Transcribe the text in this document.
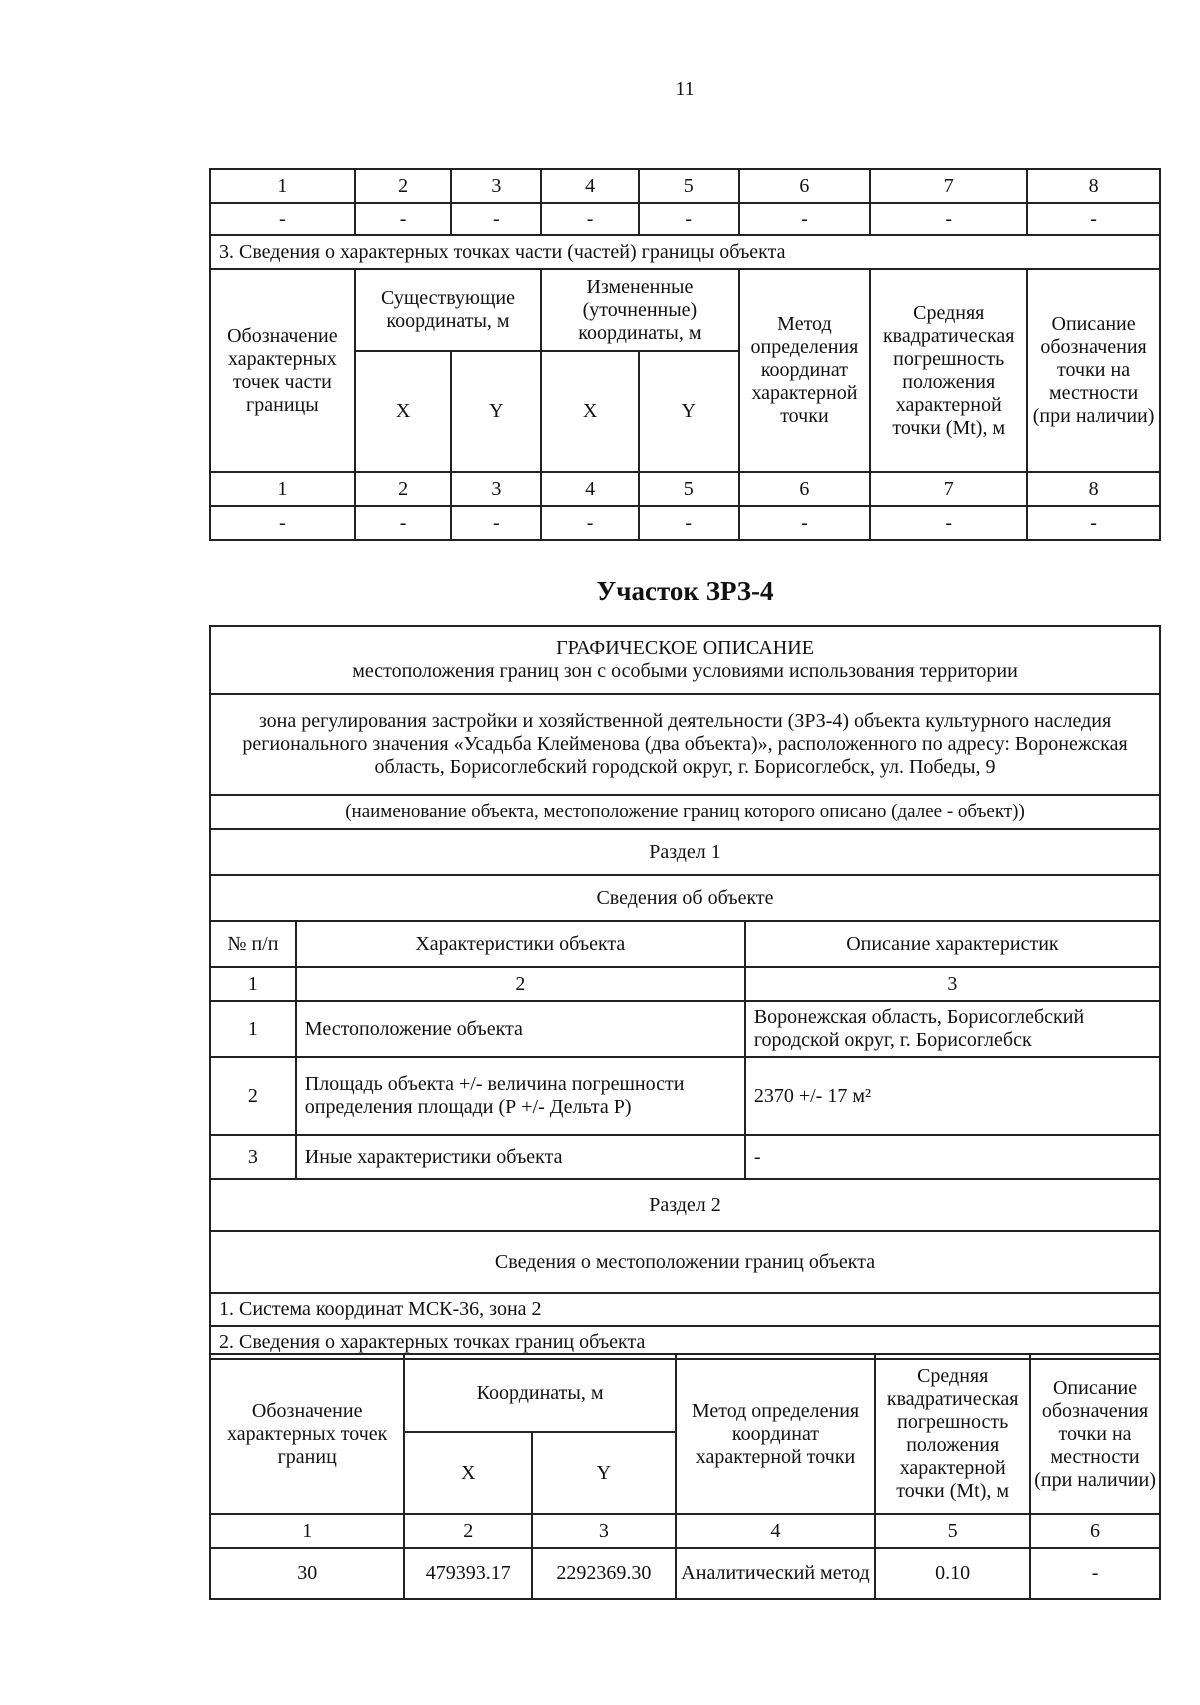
11
1	2	3	4	5	6	7	8
-	-	-	-	-	-	-	-
3. Сведения о характерных точках части (частей) границы объекта							
Обозначение характерных точек части границы	Существующие координаты, м		Измененные (уточненные) координаты, м		Метод определения координат характерной точки	Средняя квадратическая погрешность положения характерной точки (Mt), м	Описание обозначения точки на местности (при наличии)
	X	Y	X	Y			
1	2	3	4	5	6	7	8
-	-	-	-	-	-	-	-
Участок ЗРЗ-4
ГРАФИЧЕСКОЕ ОПИСАНИЕ
местоположения границ зон с особыми условиями использования территории		

зона регулирования застройки и хозяйственной деятельности (ЗРЗ-4) объекта культурного наследия регионального значения «Усадьба Клейменова (два объекта)», расположенного по адресу: Воронежская область, Борисоглебский городской округ, г. Борисоглебск, ул. Победы, 9		
(наименование объекта, местоположение границ которого описано (далее - объект))		
Раздел 1		
Сведения об объекте		
№ п/п	Характеристики объекта	Описание характеристик
1	2	3
1	Местоположение объекта	Воронежская область, Борисоглебский городской округ, г. Борисоглебск
2	Площадь объекта +/- величина погрешности определения площади (Р +/- Дельта Р)	2370 +/- 17 м²
3	Иные характеристики объекта	-
Раздел 2		
Сведения о местоположении границ объекта		
1. Система координат МСК-36, зона 2		
2. Сведения о характерных точках границ объекта		
Обозначение характерных точек границ	Координаты, м		Метод определения координат характерной точки	Средняя квадратическая погрешность положения характерной точки (Mt), м	Описание обозначения точки на местности (при наличии)
	X	Y			
1	2	3	4	5	6
30	479393.17	2292369.30	Аналитический метод	0.10	-
